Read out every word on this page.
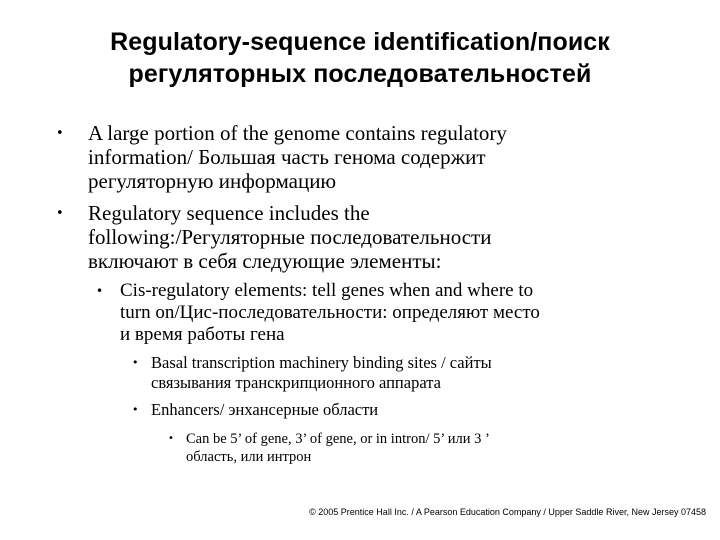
Regulatory-sequence identification/поиск
регуляторных последовательностей
• A large portion of the genome contains regulatory
information/ Большая часть генома содержит
регуляторную информацию
• Regulatory sequence includes the
following:/Регуляторные последовательности
включают в себя следующие элементы:
• Cis-regulatory elements: tell genes when and where to
turn on/Цис-последовательности: определяют место
и время работы гена
• Basal transcription machinery binding sites / сайты
связывания транскрипционного аппарата
• Enhancers/ энхансерные области
• Can be 5’ of gene, 3’ of gene, or in intron/ 5’ или 3 ’
область, или интрон
© 2005 Prentice Hall Inc. / A Pearson Education Company / Upper Saddle River, New Jersey 07458
